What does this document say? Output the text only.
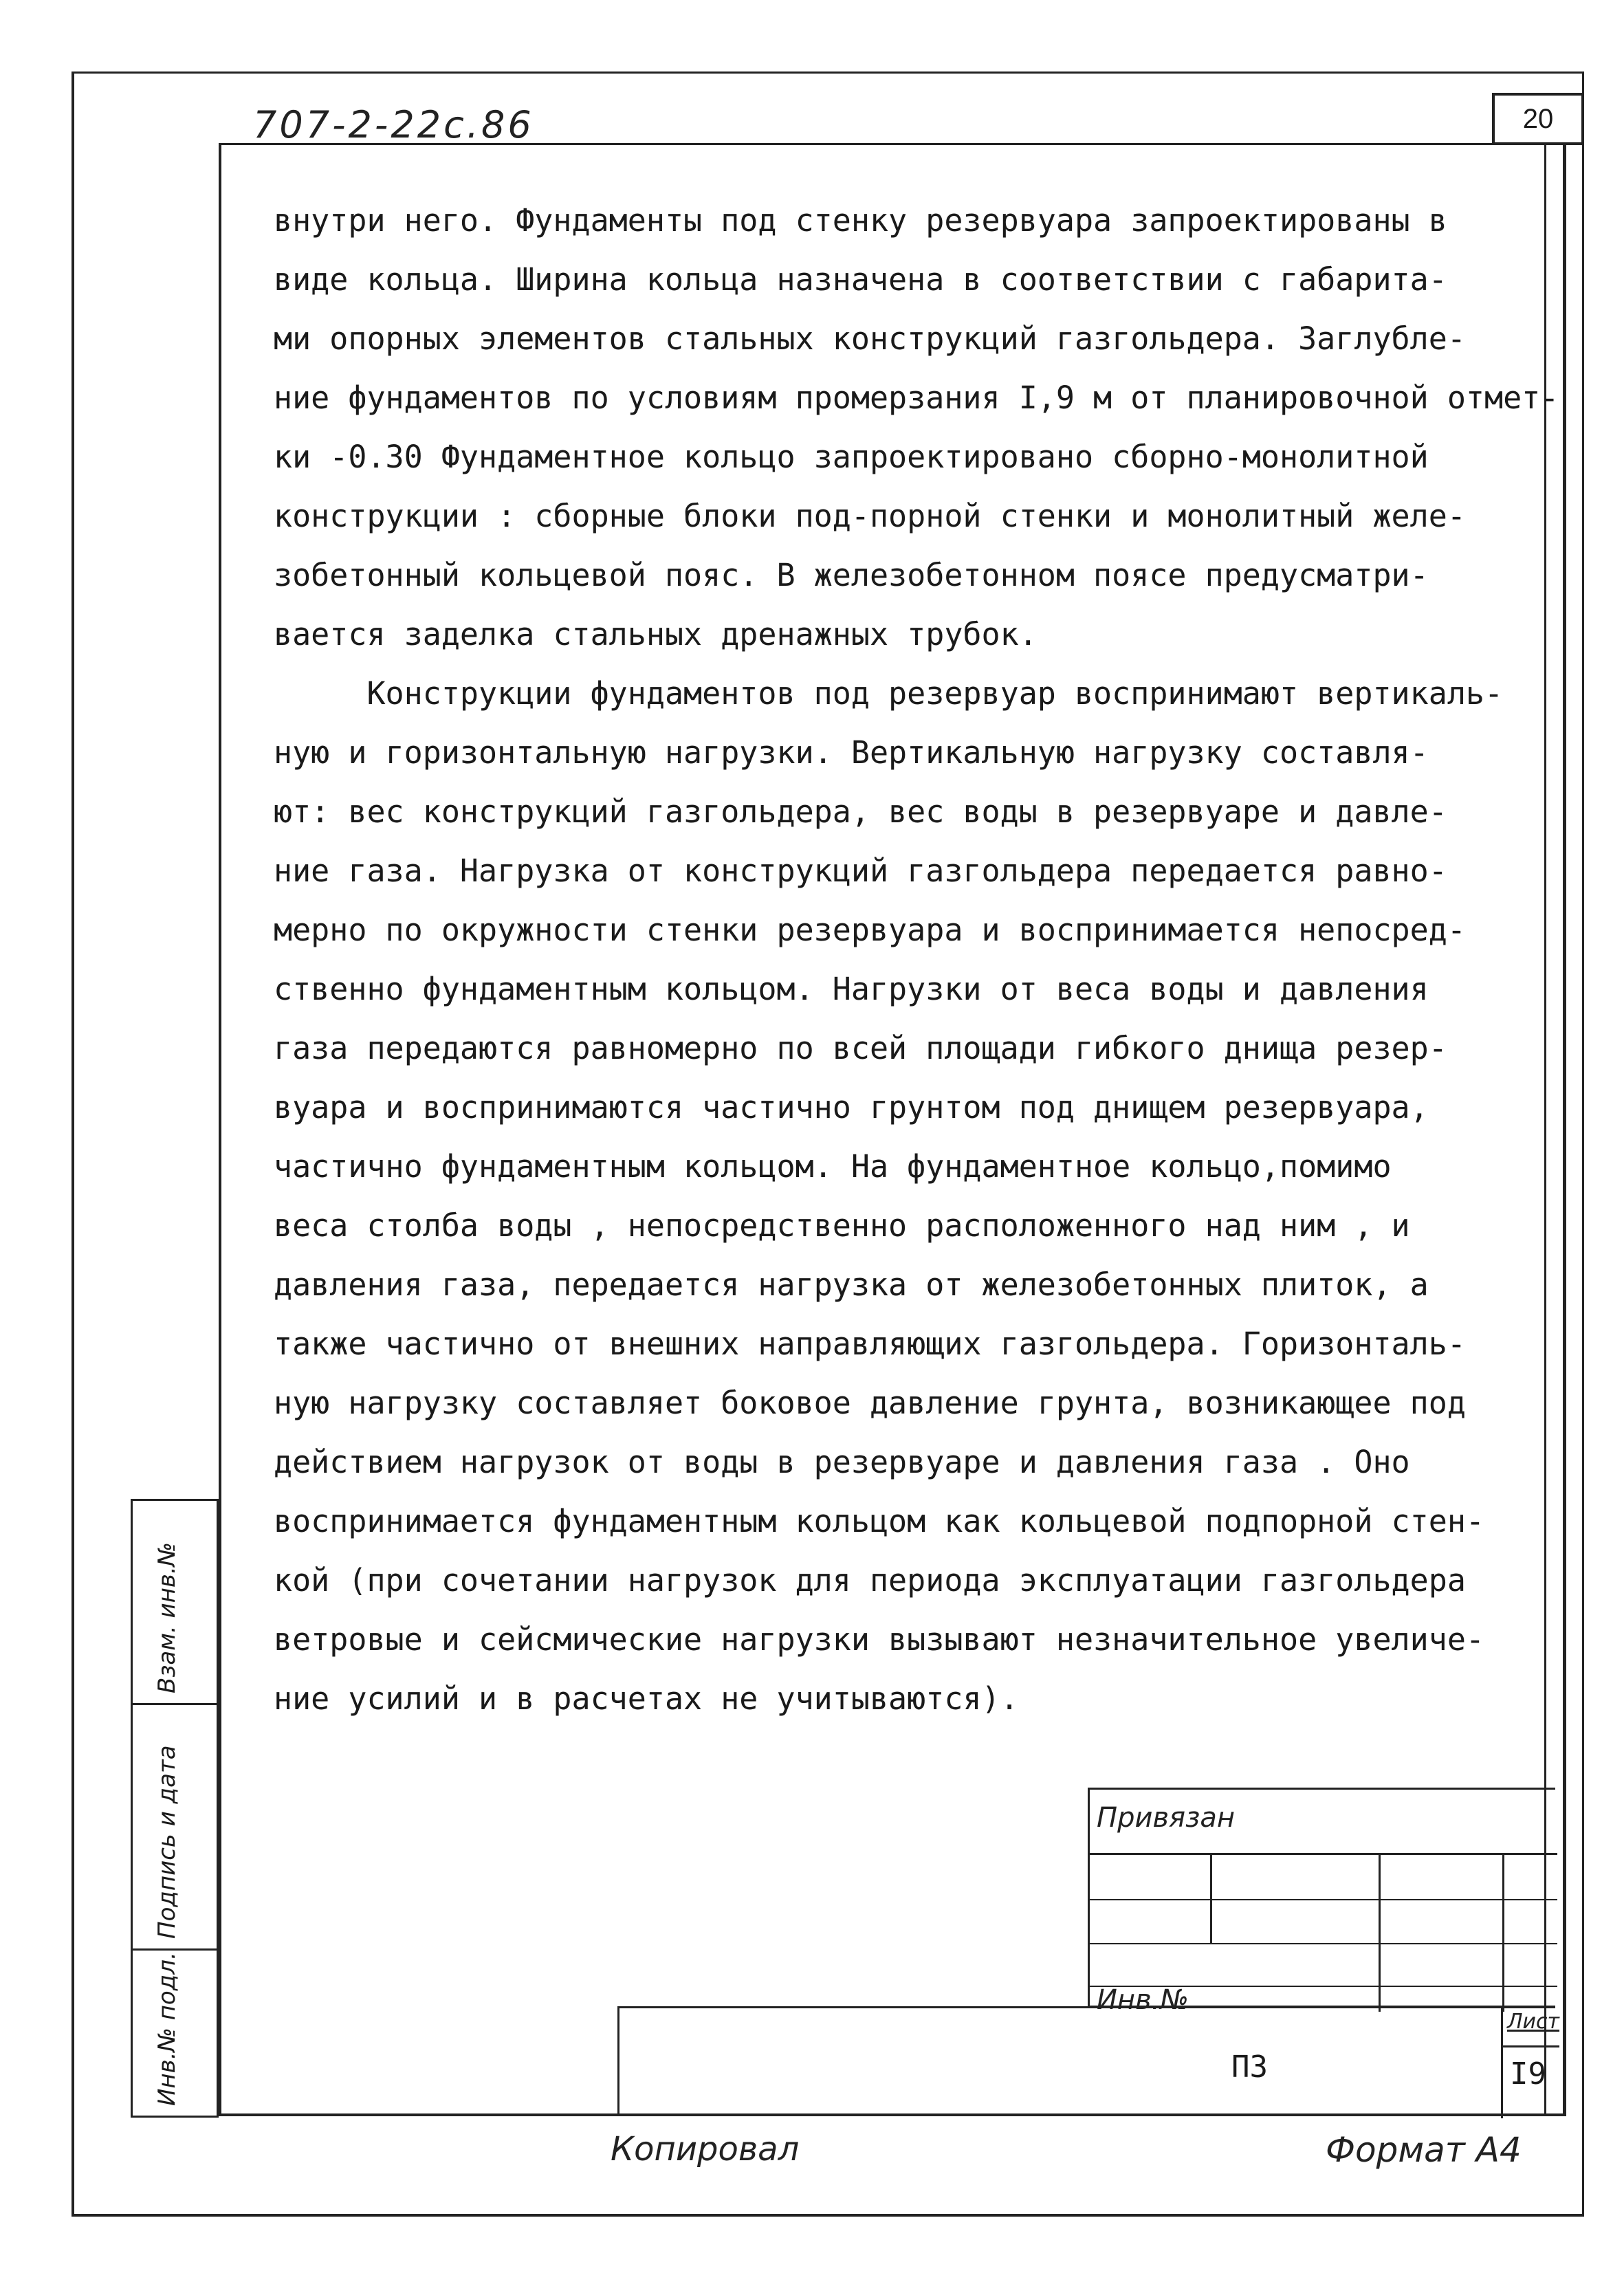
707-2-22с.86	20
внутри него. Фундаменты под стенку резервуара запроектированы в
виде кольца. Ширина кольца назначена в соответствии с габарита-
ми опорных элементов стальных конструкций газгольдера. Заглубле-
ние фундаментов по условиям промерзания I,9 м от планировочной отмет-
ки -0.30 Фундаментное кольцо запроектировано сборно-монолитной
конструкции : сборные блоки под-порной стенки и монолитный желе-
зобетонный кольцевой пояс. В железобетонном поясе предусматри-
вается заделка стальных дренажных трубок.
Конструкции фундаментов под резервуар воспринимают вертикаль-
ную и горизонтальную нагрузки. Вертикальную нагрузку составля-
ют: вес конструкций газгольдера, вес воды в резервуаре и давле-
ние газа. Нагрузка от конструкций газгольдера передается равно-
мерно по окружности стенки резервуара и воспринимается непосред-
ственно фундаментным кольцом. Нагрузки от веса воды и давления
газа передаются равномерно по всей площади гибкого днища резер-
вуара и воспринимаются частично грунтом под днищем резервуара,
частично фундаментным кольцом. На фундаментное кольцо,помимо
веса столба воды , непосредственно расположенного над ним , и
давления газа, передается нагрузка от железобетонных плиток, а
также частично от внешних направляющих газгольдера. Горизонталь-
ную нагрузку составляет боковое давление грунта, возникающее под
действием нагрузок от воды в резервуаре и давления газа . Оно
воспринимается фундаментным кольцом как кольцевой подпорной стен-
кой (при сочетании нагрузок для периода эксплуатации газгольдера
ветровые и сейсмические нагрузки вызывают незначительное увеличе-
ние усилий и в расчетах не учитываются).
Взам. инв.№
Подпись и дата
Инв.№ подл.
Привязан
Инв.№
Лист
I9
ПЗ
Копировал	Формат А4
